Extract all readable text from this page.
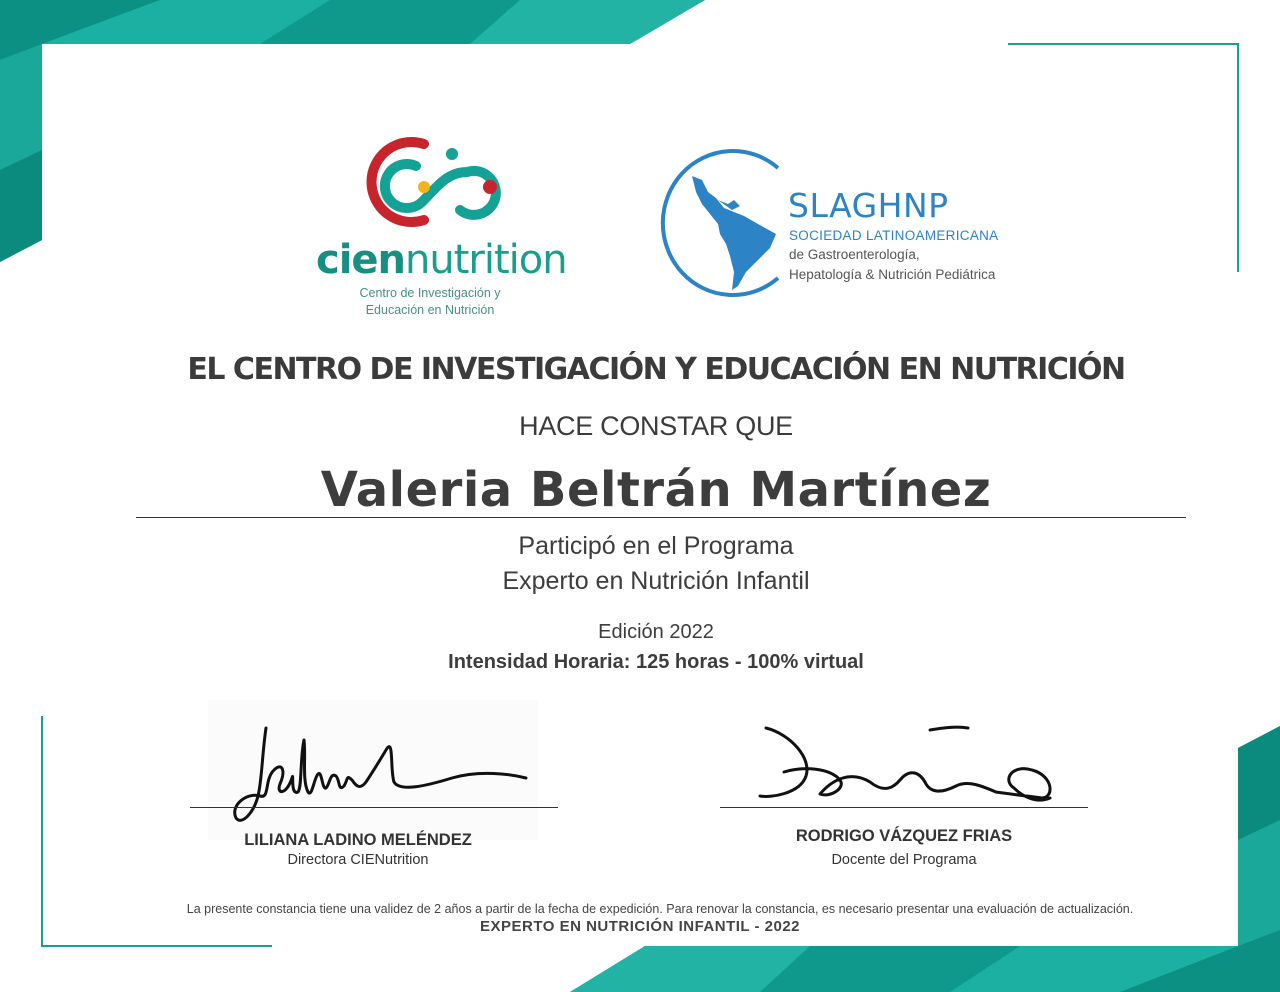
ciennutrition
Centro de Investigación y
Educación en Nutrición
SLAGHNP
SOCIEDAD LATINOAMERICANA
de Gastroenterología,
Hepatología & Nutrición Pediátrica
EL CENTRO DE INVESTIGACIÓN Y EDUCACIÓN EN NUTRICIÓN
HACE CONSTAR QUE
Valeria Beltrán Martínez
Participó en el Programa
Experto en Nutrición Infantil
Edición 2022
Intensidad Horaria: 125 horas - 100% virtual
LILIANA LADINO MELÉNDEZ
Directora CIENutrition
RODRIGO VÁZQUEZ FRIAS
Docente del Programa
La presente constancia tiene una validez de 2 años a partir de la fecha de expedición. Para renovar la constancia, es necesario presentar una evaluación de actualización.
EXPERTO EN NUTRICIÓN INFANTIL - 2022
